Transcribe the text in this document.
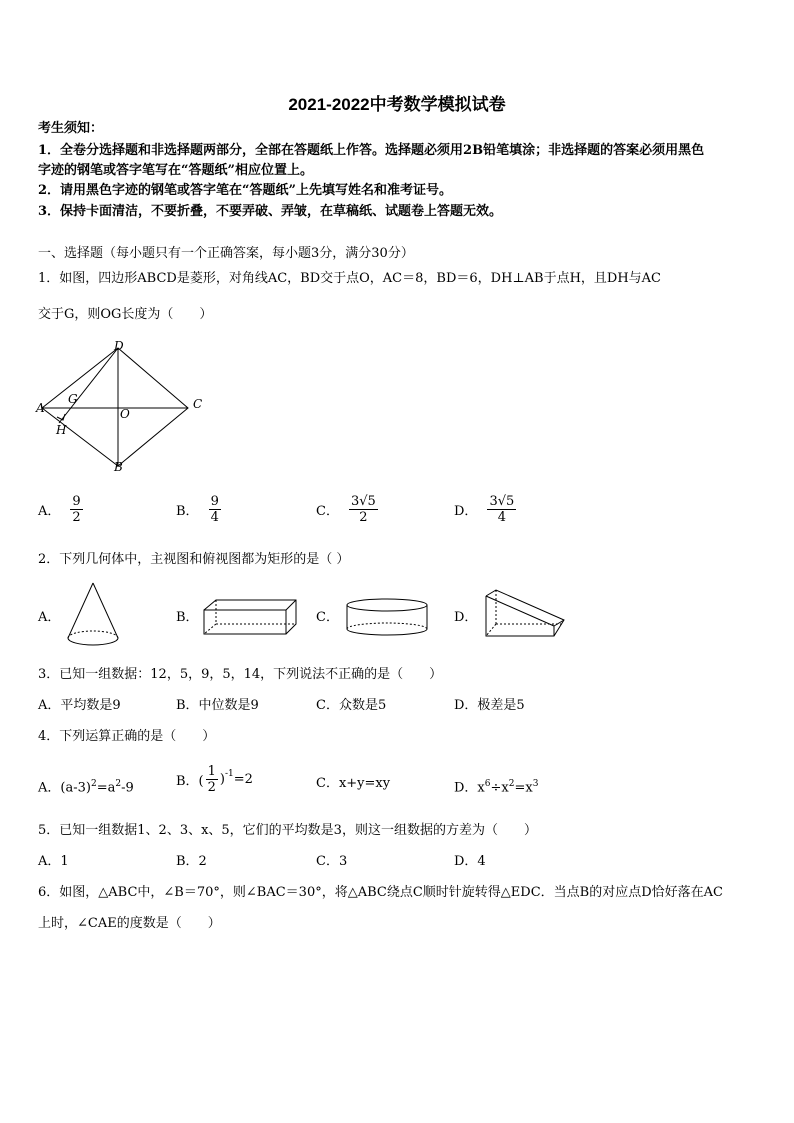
2021-2022中考数学模拟试卷
考生须知：
1．全卷分选择题和非选择题两部分，全部在答题纸上作答。选择题必须用2B铅笔填涂；非选择题的答案必须用黑色
字迹的钢笔或答字笔写在“答题纸”相应位置上。
2．请用黑色字迹的钢笔或答字笔在“答题纸”上先填写姓名和准考证号。
3．保持卡面清洁，不要折叠，不要弄破、弄皱，在草稿纸、试题卷上答题无效。
一、选择题（每小题只有一个正确答案，每小题3分，满分30分）
1．如图，四边形ABCD是菱形，对角线AC，BD交于点O，AC＝8，BD＝6，DH⊥AB于点H，且DH与AC
交于G，则OG长度为（　　）
D
A	C
B
G
O
H
A． $\frac{9}{2}$	B． $\frac{9}{4}$	C． $\frac{3√5}{2}$	D． $\frac{3√5}{4}$
2．下列几何体中，主视图和俯视图都为矩形的是（ ）
A．	B．	C．	D．
3．已知一组数据：12，5，9，5，14，下列说法不正确的是（　　）
A．平均数是9	B．中位数是9	C．众数是5	D．极差是5
4．下列运算正确的是（　　）
A．$(a-3)^2=a^2-9$	B．( $\frac{1}{2} )^{-1} =2$	C．x+y=xy	D．$x^6\div x^2=x^3$
5．已知一组数据1、2、3、x、5，它们的平均数是3，则这一组数据的方差为（　　）
A．1	B．2	C．3	D．4
6．如图，△ABC中，∠B＝70°，则∠BAC＝30°，将△ABC绕点C顺时针旋转得△EDC．当点B的对应点D恰好落在AC
上时，∠CAE的度数是（　　）
